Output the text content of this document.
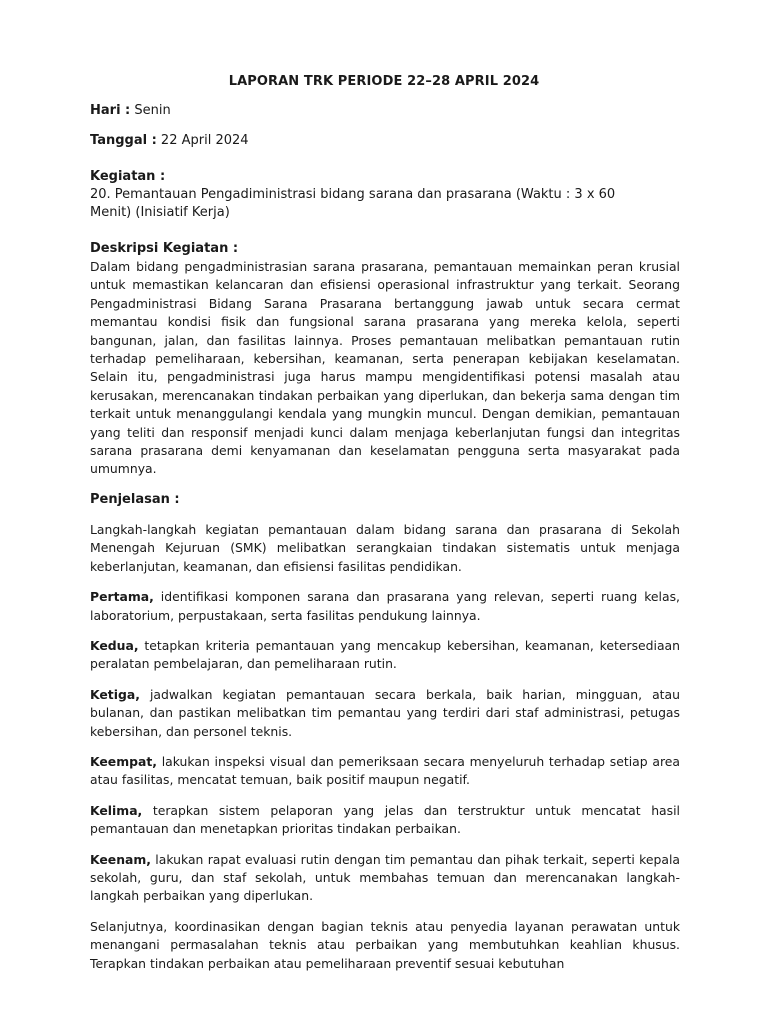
LAPORAN TRK PERIODE 22–28 APRIL 2024

Hari : Senin

Tanggal : 22 April 2024

Kegiatan :

20. Pemantauan Pengadiministrasi bidang sarana dan prasarana (Waktu : 3 x 60 Menit) (Inisiatif Kerja)

Deskripsi Kegiatan :

Dalam bidang pengadministrasian sarana prasarana, pemantauan memainkan peran krusial untuk memastikan kelancaran dan efisiensi operasional infrastruktur yang terkait. Seorang Pengadministrasi Bidang Sarana Prasarana bertanggung jawab untuk secara cermat memantau kondisi fisik dan fungsional sarana prasarana yang mereka kelola, seperti bangunan, jalan, dan fasilitas lainnya. Proses pemantauan melibatkan pemantauan rutin terhadap pemeliharaan, kebersihan, keamanan, serta penerapan kebijakan keselamatan. Selain itu, pengadministrasi juga harus mampu mengidentifikasi potensi masalah atau kerusakan, merencanakan tindakan perbaikan yang diperlukan, dan bekerja sama dengan tim terkait untuk menanggulangi kendala yang mungkin muncul. Dengan demikian, pemantauan yang teliti dan responsif menjadi kunci dalam menjaga keberlanjutan fungsi dan integritas sarana prasarana demi kenyamanan dan keselamatan pengguna serta masyarakat pada umumnya.

Penjelasan :

Langkah-langkah kegiatan pemantauan dalam bidang sarana dan prasarana di Sekolah Menengah Kejuruan (SMK) melibatkan serangkaian tindakan sistematis untuk menjaga keberlanjutan, keamanan, dan efisiensi fasilitas pendidikan.

Pertama, identifikasi komponen sarana dan prasarana yang relevan, seperti ruang kelas, laboratorium, perpustakaan, serta fasilitas pendukung lainnya.

Kedua, tetapkan kriteria pemantauan yang mencakup kebersihan, keamanan, ketersediaan peralatan pembelajaran, dan pemeliharaan rutin.

Ketiga, jadwalkan kegiatan pemantauan secara berkala, baik harian, mingguan, atau bulanan, dan pastikan melibatkan tim pemantau yang terdiri dari staf administrasi, petugas kebersihan, dan personel teknis.

Keempat, lakukan inspeksi visual dan pemeriksaan secara menyeluruh terhadap setiap area atau fasilitas, mencatat temuan, baik positif maupun negatif.

Kelima, terapkan sistem pelaporan yang jelas dan terstruktur untuk mencatat hasil pemantauan dan menetapkan prioritas tindakan perbaikan.

Keenam, lakukan rapat evaluasi rutin dengan tim pemantau dan pihak terkait, seperti kepala sekolah, guru, dan staf sekolah, untuk membahas temuan dan merencanakan langkah-langkah perbaikan yang diperlukan.

Selanjutnya, koordinasikan dengan bagian teknis atau penyedia layanan perawatan untuk menangani permasalahan teknis atau perbaikan yang membutuhkan keahlian khusus. Terapkan tindakan perbaikan atau pemeliharaan preventif sesuai kebutuhan
